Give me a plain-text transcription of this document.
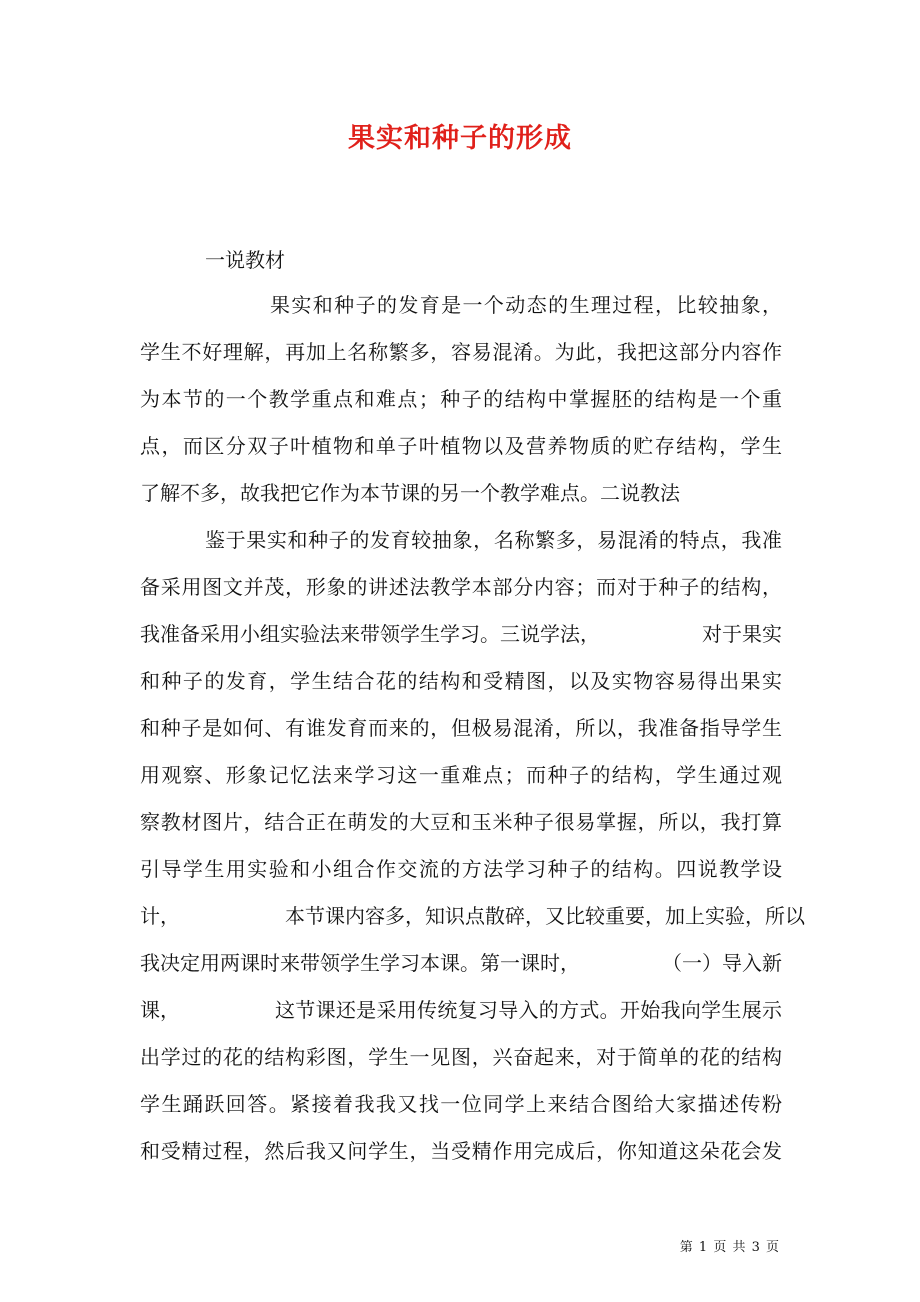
果实和种子的形成
一说教材
果实和种子的发育是一个动态的生理过程，比较抽象，
学生不好理解，再加上名称繁多，容易混淆。为此，我把这部分内容作
为本节的一个教学重点和难点；种子的结构中掌握胚的结构是一个重
点，而区分双子叶植物和单子叶植物以及营养物质的贮存结构，学生
了解不多，故我把它作为本节课的另一个教学难点。二说教法
鉴于果实和种子的发育较抽象，名称繁多，易混淆的特点，我准
备采用图文并茂，形象的讲述法教学本部分内容；而对于种子的结构，
我准备采用小组实验法来带领学生学习。三说学法，	对于果实
和种子的发育，学生结合花的结构和受精图，以及实物容易得出果实
和种子是如何、有谁发育而来的，但极易混淆，所以，我准备指导学生
用观察、形象记忆法来学习这一重难点；而种子的结构，学生通过观
察教材图片，结合正在萌发的大豆和玉米种子很易掌握，所以，我打算
引导学生用实验和小组合作交流的方法学习种子的结构。四说教学设
计，	本节课内容多，知识点散碎，又比较重要，加上实验，所以
我决定用两课时来带领学生学习本课。第一课时，	（一）导入新
课，	这节课还是采用传统复习导入的方式。开始我向学生展示
出学过的花的结构彩图，学生一见图，兴奋起来，对于简单的花的结构
学生踊跃回答。紧接着我我又找一位同学上来结合图给大家描述传粉
和受精过程，然后我又问学生，当受精作用完成后，你知道这朵花会发
第 1 页 共 3 页
